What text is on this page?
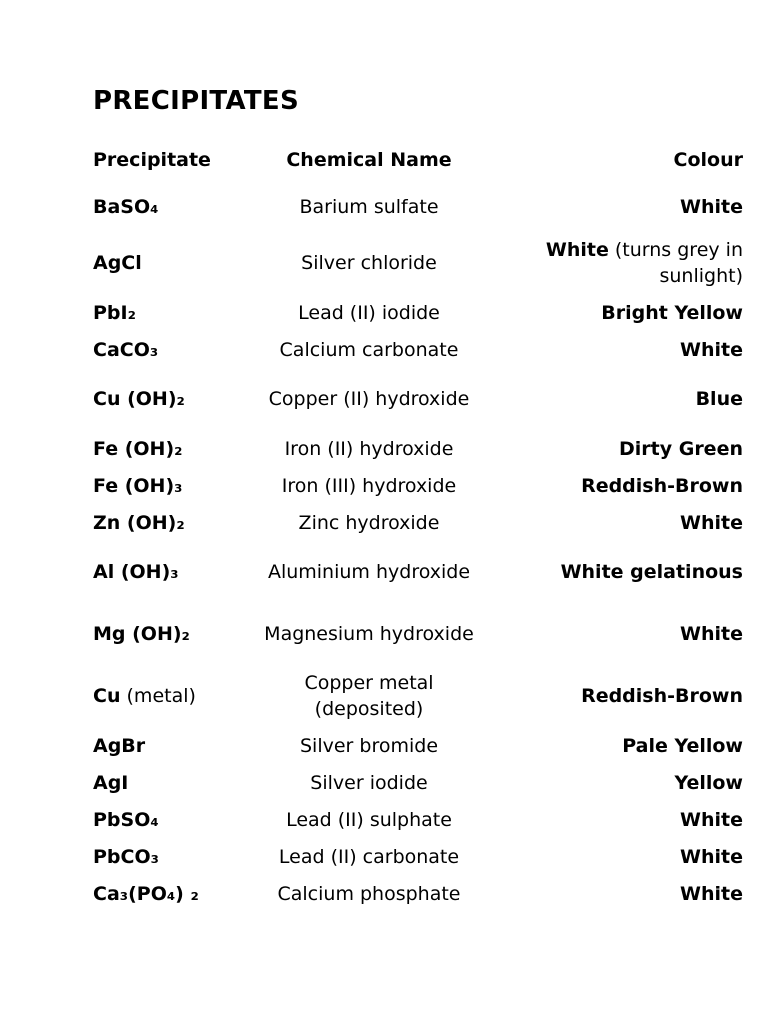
PRECIPITATES
Precipitate	Chemical Name	Colour
BaSO₄	Barium sulfate	White
AgCl	Silver chloride	White (turns grey in sunlight)
PbI₂	Lead (II) iodide	Bright Yellow
CaCO₃	Calcium carbonate	White
Cu (OH)₂	Copper (II) hydroxide	Blue
Fe (OH)₂	Iron (II) hydroxide	Dirty Green
Fe (OH)₃	Iron (III) hydroxide	Reddish-Brown
Zn (OH)₂	Zinc hydroxide	White
Al (OH)₃	Aluminium hydroxide	White gelatinous
Mg (OH)₂	Magnesium hydroxide	White
Cu (metal)	Copper metal (deposited)	Reddish-Brown
AgBr	Silver bromide	Pale Yellow
AgI	Silver iodide	Yellow
PbSO₄	Lead (II) sulphate	White
PbCO₃	Lead (II) carbonate	White
Ca₃(PO₄) ₂	Calcium phosphate	White
